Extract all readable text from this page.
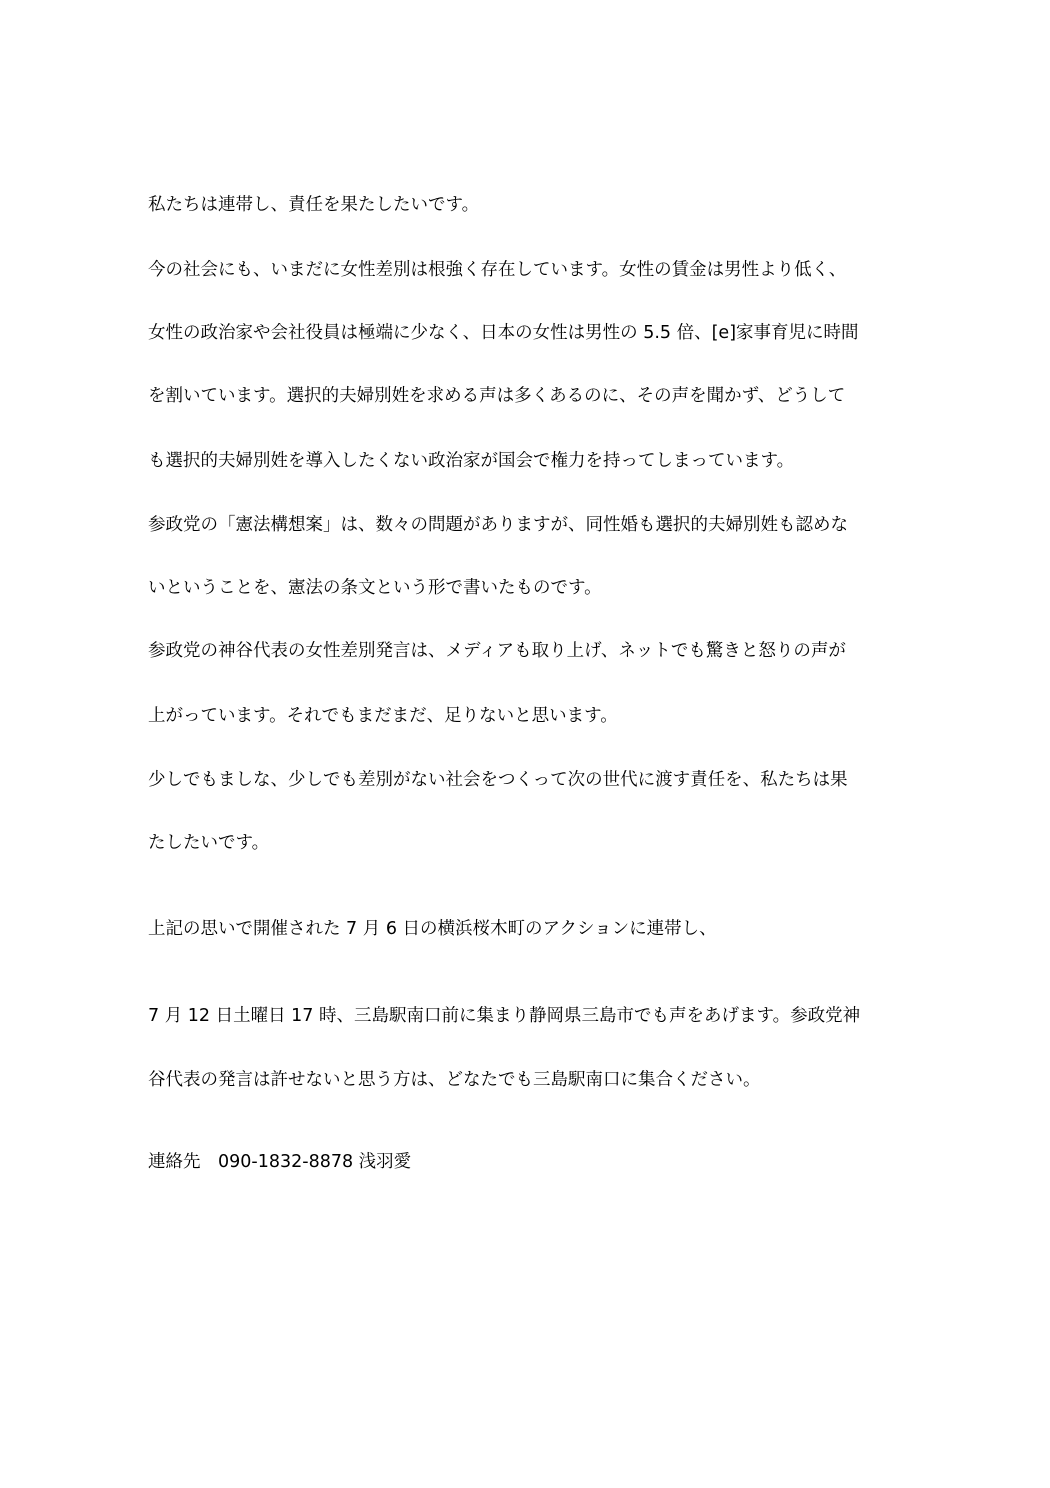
私たちは連帯し、責任を果たしたいです。
今の社会にも、いまだに女性差別は根強く存在しています。女性の賃金は男性より低く、
女性の政治家や会社役員は極端に少なく、日本の女性は男性の 5.5 倍、[e]家事育児に時間
を割いています。選択的夫婦別姓を求める声は多くあるのに、その声を聞かず、どうして
も選択的夫婦別姓を導入したくない政治家が国会で権力を持ってしまっています。
参政党の「憲法構想案」は、数々の問題がありますが、同性婚も選択的夫婦別姓も認めな
いということを、憲法の条文という形で書いたものです。
参政党の神谷代表の女性差別発言は、メディアも取り上げ、ネットでも驚きと怒りの声が
上がっています。それでもまだまだ、足りないと思います。
少しでもましな、少しでも差別がない社会をつくって次の世代に渡す責任を、私たちは果
たしたいです。
上記の思いで開催された 7 月 6 日の横浜桜木町のアクションに連帯し、
7 月 12 日土曜日 17 時、三島駅南口前に集まり静岡県三島市でも声をあげます。参政党神
谷代表の発言は許せないと思う方は、どなたでも三島駅南口に集合ください。
連絡先　090-1832-8878 浅羽愛
